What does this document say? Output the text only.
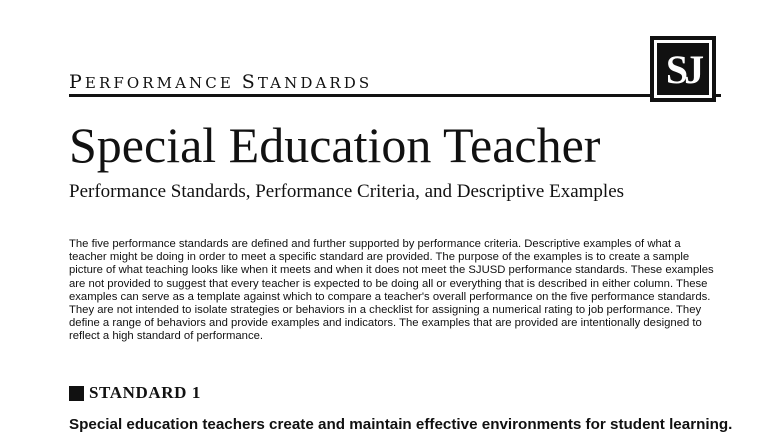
PERFORMANCE STANDARDS	SJ
Special Education Teacher
Performance Standards, Performance Criteria, and Descriptive Examples

The five performance standards are defined and further supported by performance criteria. Descriptive examples of what a teacher might be doing in order to meet a specific standard are provided. The purpose of the examples is to create a sample picture of what teaching looks like when it meets and when it does not meet the SJUSD performance standards. These examples are not provided to suggest that every teacher is expected to be doing all or everything that is described in either column. These examples can serve as a template against which to compare a teacher's overall performance on the five performance standards. They are not intended to isolate strategies or behaviors in a checklist for assigning a numerical rating to job performance. They define a range of behaviors and provide examples and indicators. The examples that are provided are intentionally designed to reflect a high standard of performance.

STANDARD 1

Special education teachers create and maintain effective environments for student learning.
